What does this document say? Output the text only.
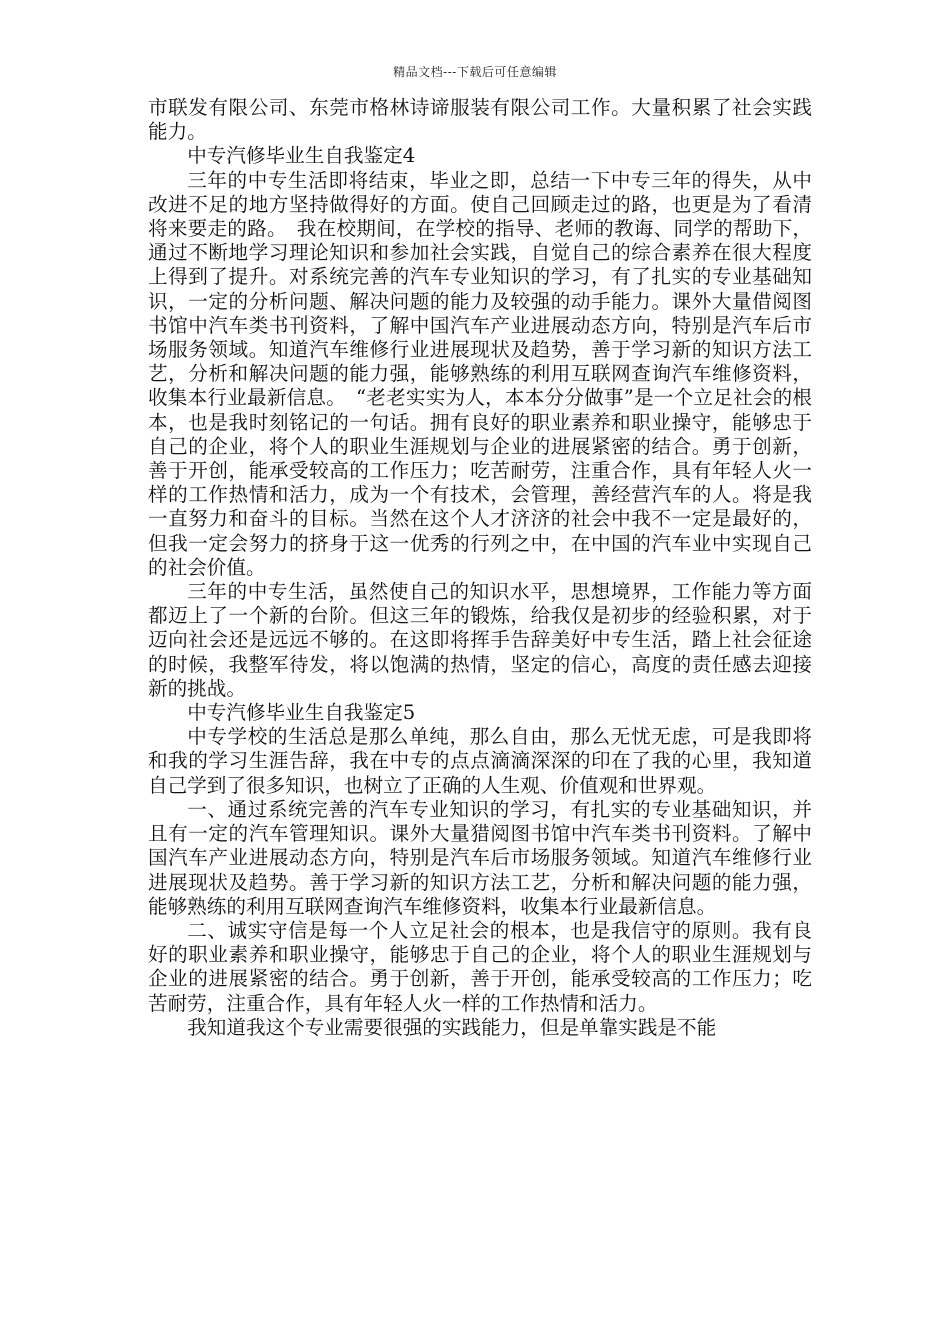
精品文档---下载后可任意编辑

市联发有限公司、东莞市格林诗谛服装有限公司工作。大量积累了社会实践能力。

中专汽修毕业生自我鉴定4

三年的中专生活即将结束，毕业之即，总结一下中专三年的得失，从中改进不足的地方坚持做得好的方面。使自己回顾走过的路，也更是为了看清将来要走的路。　我在校期间，在学校的指导、老师的教诲、同学的帮助下，通过不断地学习理论知识和参加社会实践，自觉自己的综合素养在很大程度上得到了提升。对系统完善的汽车专业知识的学习，有了扎实的专业基础知识，一定的分析问题、解决问题的能力及较强的动手能力。课外大量借阅图书馆中汽车类书刊资料，了解中国汽车产业进展动态方向，特别是汽车后市场服务领域。知道汽车维修行业进展现状及趋势，善于学习新的知识方法工艺，分析和解决问题的能力强，能够熟练的利用互联网查询汽车维修资料，收集本行业最新信息。　“老老实实为人，本本分分做事”是一个立足社会的根本，也是我时刻铭记的一句话。拥有良好的职业素养和职业操守，能够忠于自己的企业，将个人的职业生涯规划与企业的进展紧密的结合。勇于创新，善于开创，能承受较高的工作压力；吃苦耐劳，注重合作，具有年轻人火一样的工作热情和活力，成为一个有技术，会管理，善经营汽车的人。将是我一直努力和奋斗的目标。当然在这个人才济济的社会中我不一定是最好的，但我一定会努力的挤身于这一优秀的行列之中，在中国的汽车业中实现自己的社会价值。

三年的中专生活，虽然使自己的知识水平，思想境界，工作能力等方面都迈上了一个新的台阶。但这三年的锻炼，给我仅是初步的经验积累，对于迈向社会还是远远不够的。在这即将挥手告辞美好中专生活，踏上社会征途的时候，我整军待发，将以饱满的热情，坚定的信心，高度的责任感去迎接新的挑战。

中专汽修毕业生自我鉴定5

中专学校的生活总是那么单纯，那么自由，那么无忧无虑，可是我即将和我的学习生涯告辞，我在中专的点点滴滴深深的印在了我的心里，我知道自己学到了很多知识，也树立了正确的人生观、价值观和世界观。

一、通过系统完善的汽车专业知识的学习，有扎实的专业基础知识，并且有一定的汽车管理知识。课外大量猎阅图书馆中汽车类书刊资料。了解中国汽车产业进展动态方向，特别是汽车后市场服务领域。知道汽车维修行业进展现状及趋势。善于学习新的知识方法工艺，分析和解决问题的能力强，能够熟练的利用互联网查询汽车维修资料，收集本行业最新信息。

二、诚实守信是每一个人立足社会的根本，也是我信守的原则。我有良好的职业素养和职业操守，能够忠于自己的企业，将个人的职业生涯规划与企业的进展紧密的结合。勇于创新，善于开创，能承受较高的工作压力；吃苦耐劳，注重合作，具有年轻人火一样的工作热情和活力。

我知道我这个专业需要很强的实践能力，但是单靠实践是不能
